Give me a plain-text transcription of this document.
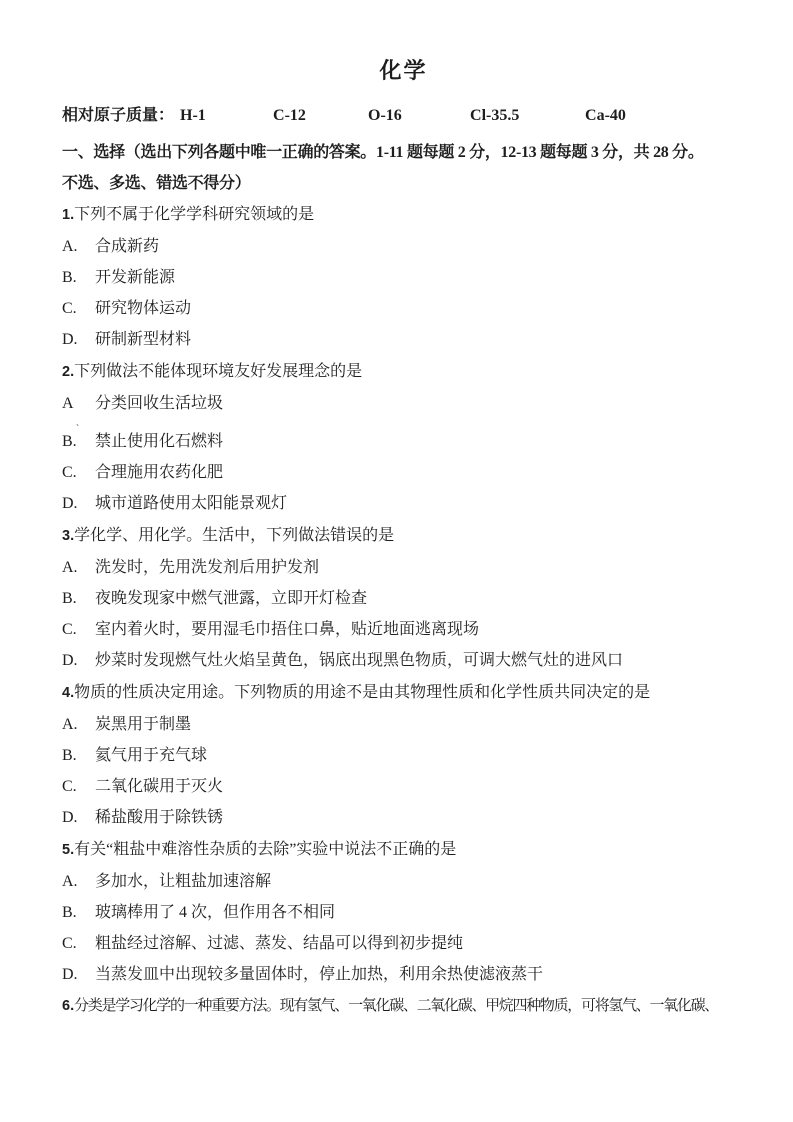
化学
相对原子质量： H-1	C-12	O-16	Cl-35.5	Ca-40
一、选择（选出下列各题中唯一正确的答案。1-11 题每题 2 分，12-13 题每题 3 分，共 28 分。
不选、多选、错选不得分）
1.下列不属于化学学科研究领域的是
A. 合成新药
B. 开发新能源
C. 研究物体运动
D. 研制新型材料
2.下列做法不能体现环境友好发展理念的是
A 分类回收生活垃圾
、
B. 禁止使用化石燃料
C. 合理施用农药化肥
D. 城市道路使用太阳能景观灯
3.学化学、用化学。生活中，下列做法错误的是
A. 洗发时，先用洗发剂后用护发剂
B. 夜晚发现家中燃气泄露，立即开灯检查
C. 室内着火时，要用湿毛巾捂住口鼻，贴近地面逃离现场
D. 炒菜时发现燃气灶火焰呈黄色，锅底出现黑色物质，可调大燃气灶的进风口
4.物质的性质决定用途。下列物质的用途不是由其物理性质和化学性质共同决定的是
A. 炭黑用于制墨
B. 氦气用于充气球
C. 二氧化碳用于灭火
D. 稀盐酸用于除铁锈
5.有关“粗盐中难溶性杂质的去除”实验中说法不正确的是
A. 多加水，让粗盐加速溶解
B. 玻璃棒用了 4 次，但作用各不相同
C. 粗盐经过溶解、过滤、蒸发、结晶可以得到初步提纯
D. 当蒸发皿中出现较多量固体时，停止加热，利用余热使滤液蒸干
6.分类是学习化学的一种重要方法。现有氢气、一氧化碳、二氧化碳、甲烷四种物质，可将氢气、一氧化碳、
